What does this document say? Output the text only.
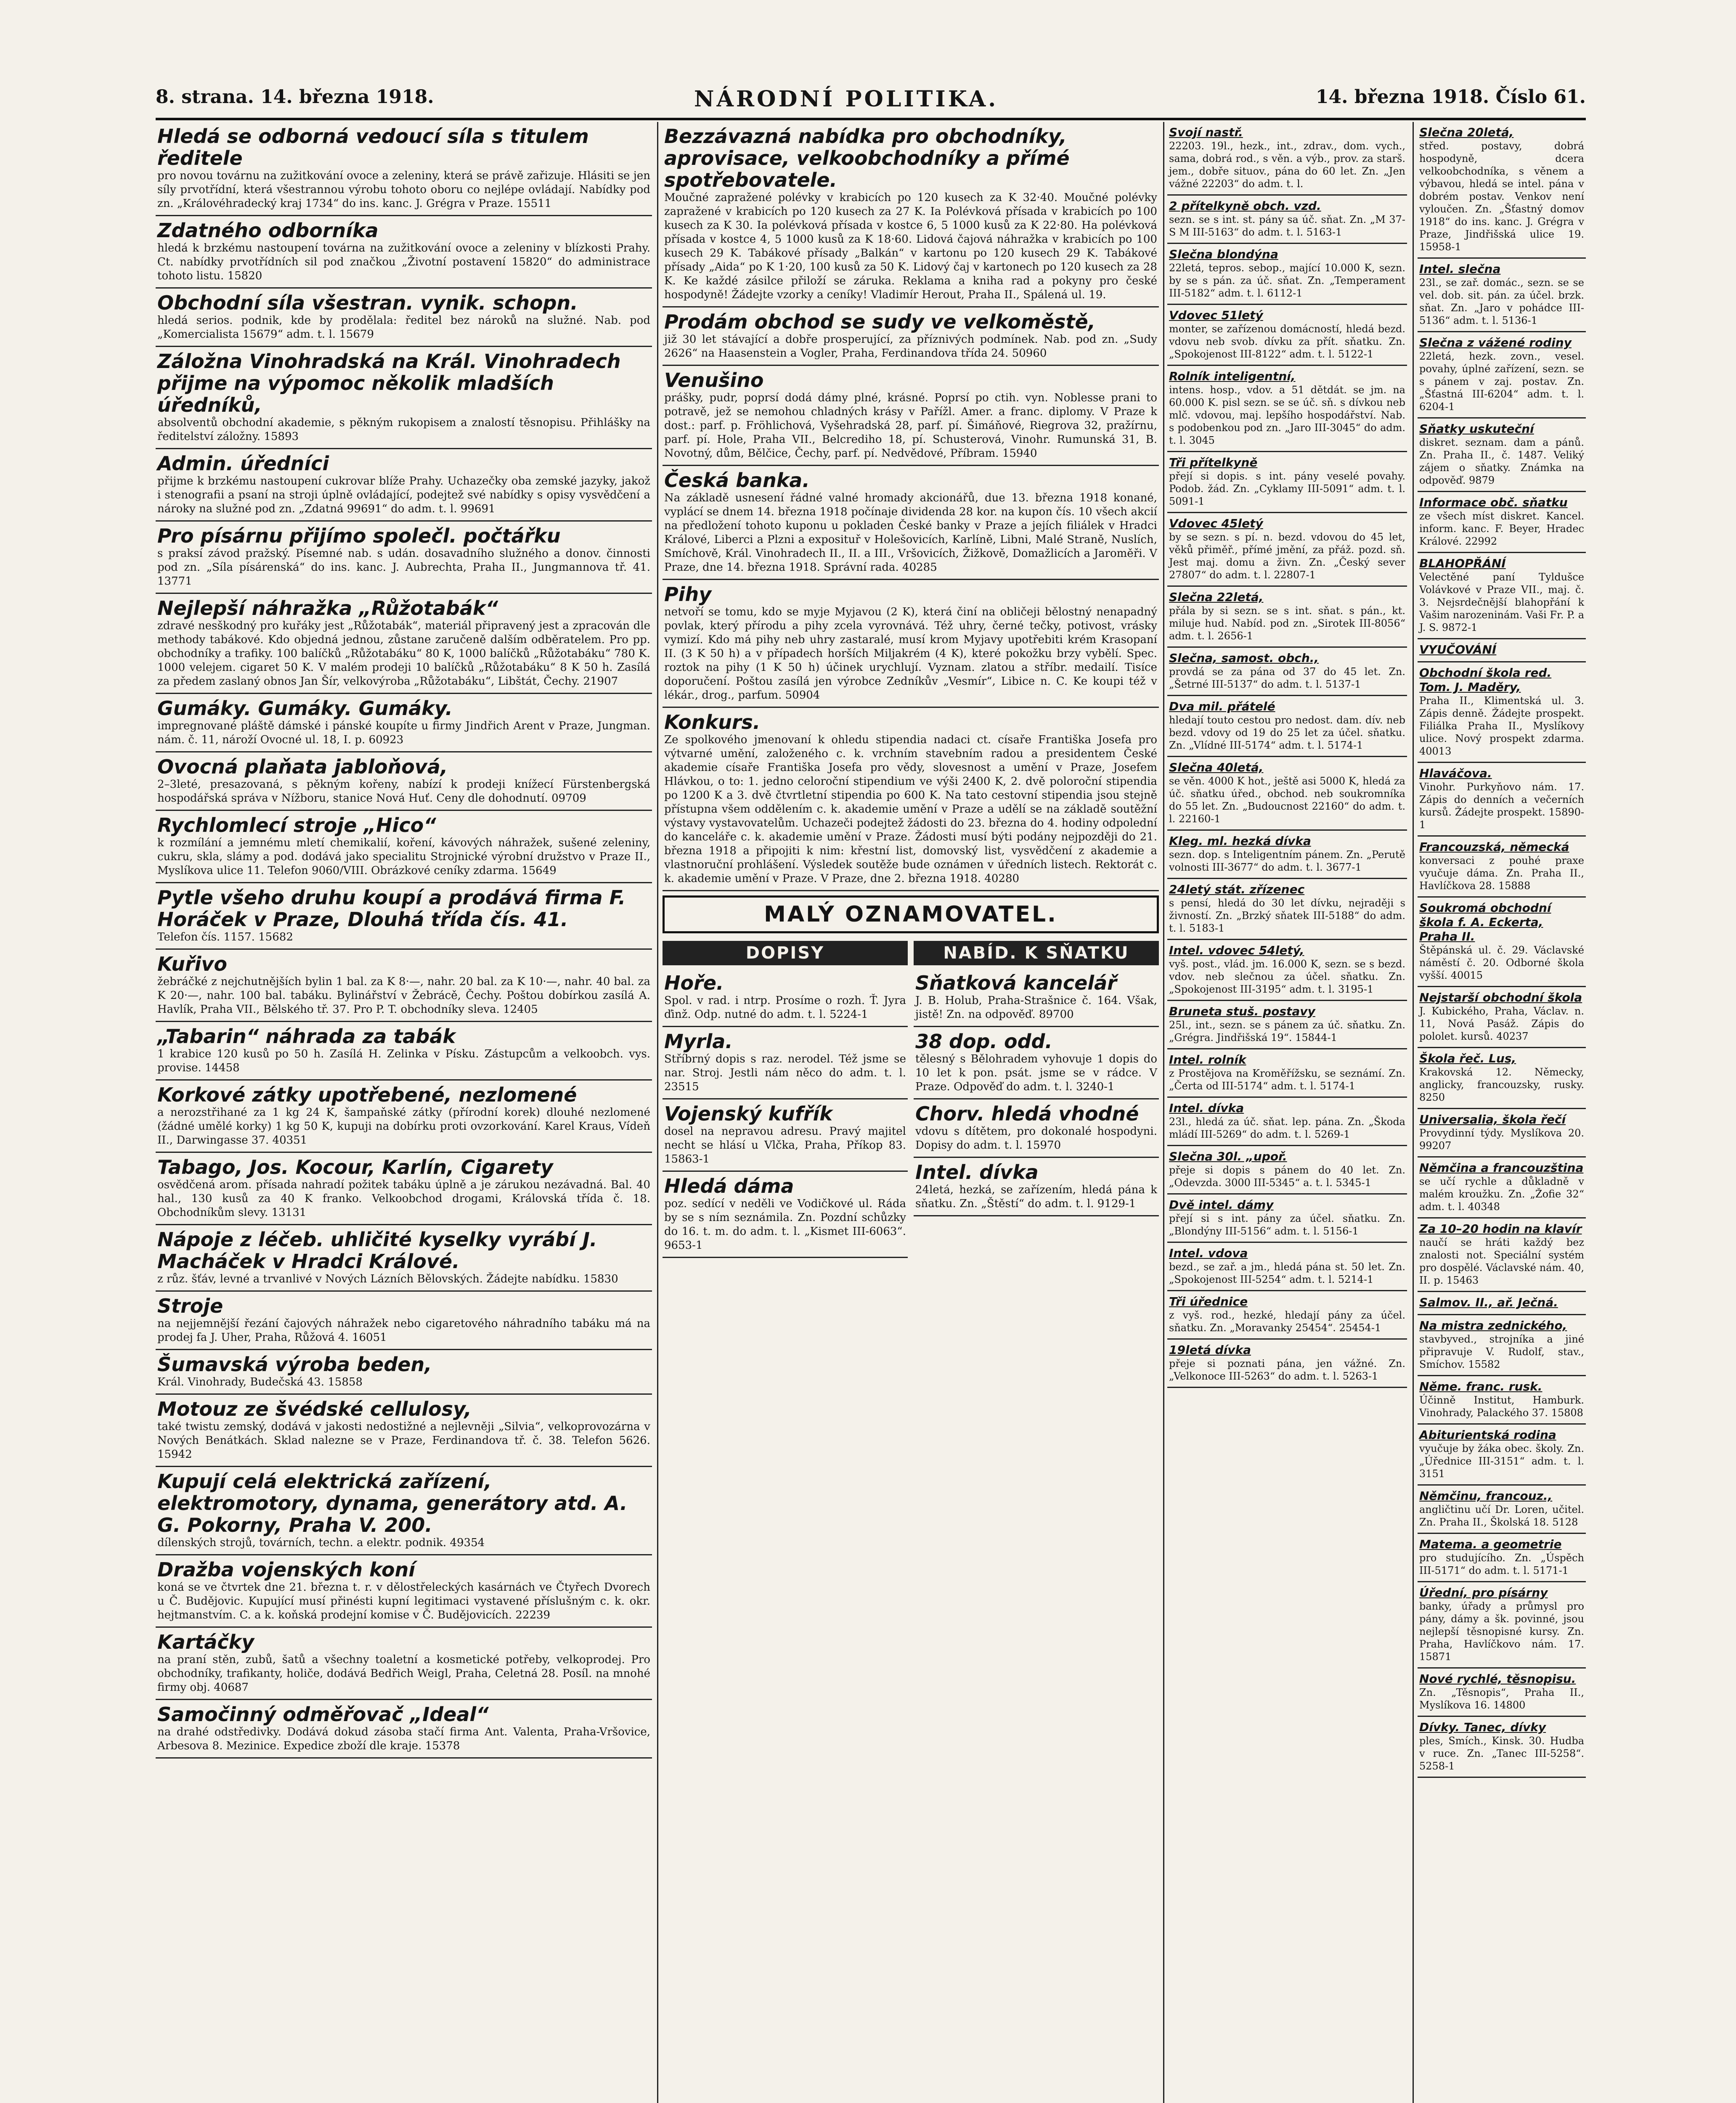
8. strana. 14. března 1918.	NÁRODNÍ POLITIKA.	14. března 1918. Číslo 61.
Hledá se odborná vedoucí síla s titulem ředitele
pro novou továrnu na zužitkování ovoce a zeleniny, která se právě zařizuje. Hlásiti se jen síly prvotřídní, která všestrannou výrobu tohoto oboru co nejlépe ovládají. Nabídky pod zn. „Královéhradecký kraj 1734“ do ins. kanc. J. Grégra v Praze. 15511
Zdatného odborníka
hledá k brzkému nastoupení továrna na zužitkování ovoce a zeleniny v blízkosti Prahy. Ct. nabídky prvotřídních sil pod značkou „Životní postavení 15820“ do administrace tohoto listu. 15820
Obchodní síla všestran. vynik. schopn.
hledá serios. podnik, kde by prodělala: ředitel bez nároků na služné. Nab. pod „Komercialista 15679“ adm. t. l. 15679
Záložna Vinohradská na Král. Vinohradech přijme na výpomoc několik mladších úředníků,
absolventů obchodní akademie, s pěkným rukopisem a znalostí těsnopisu. Přihlášky na ředitelství záložny. 15893
Admin. úředníci
přijme k brzkému nastoupení cukrovar blíže Prahy. Uchazečky oba zemské jazyky, jakož i stenografii a psaní na stroji úplně ovládající, podejtež své nabídky s opisy vysvědčení a nároky na služné pod zn. „Zdatná 99691“ do adm. t. l. 99691
Pro písárnu přijímo společl. počtářku
s praksí závod pražský. Písemné nab. s udán. dosavadního služného a donov. činnosti pod zn. „Síla písárenská“ do ins. kanc. J. Aubrechta, Praha II., Jungmannova tř. 41. 13771
Nejlepší náhražka „Růžotabák“
zdravé nesškodný pro kuřáky jest „Růžotabák“, materiál připravený jest a zpracován dle methody tabákové. Kdo objedná jednou, zůstane zaručeně dalším odběratelem. Pro pp. obchodníky a trafiky. 100 balíčků „Růžotabáku“ 80 K, 1000 balíčků „Růžotabáku“ 780 K. 1000 velejem. cigaret 50 K. V malém prodeji 10 balíčků „Růžotabáku“ 8 K 50 h. Zasílá za předem zaslaný obnos Jan Šír, velkovýroba „Růžotabáku“, Libštát, Čechy. 21907
Gumáky. Gumáky. Gumáky.
impregnované pláště dámské i pánské koupíte u firmy Jindřich Arent v Praze, Jungman. nám. č. 11, nároží Ovocné ul. 18, I. p. 60923
Ovocná plaňata jabloňová,
2–3leté, presazovaná, s pěkným kořeny, nabízí k prodeji knížecí Fürstenbergská hospodářská správa v Nížboru, stanice Nová Huť. Ceny dle dohodnutí. 09709
Rychlomlecí stroje „Hico“
k rozmílání a jemnému mletí chemikalií, koření, kávových náhražek, sušené zeleniny, cukru, skla, slámy a pod. dodává jako specialitu Strojnické výrobní družstvo v Praze II., Myslíkova ulice 11. Telefon 9060/VIII. Obrázkové ceníky zdarma. 15649
Pytle všeho druhu koupí a prodává firma F. Horáček v Praze, Dlouhá třída čís. 41.
Telefon čís. 1157. 15682
Kuřivo
žebráčké z nejchutnějších bylin 1 bal. za K 8·—, nahr. 20 bal. za K 10·—, nahr. 40 bal. za K 20·—, nahr. 100 bal. tabáku. Bylinářství v Žebrácě, Čechy. Poštou dobírkou zasílá A. Havlík, Praha VII., Bělského tř. 37. Pro P. T. obchodníky sleva. 12405
„Tabarin“ náhrada za tabák
1 krabice 120 kusů po 50 h. Zasílá H. Zelinka v Písku. Zástupcům a velkoobch. vys. provise. 14458
Korkové zátky upotřebené, nezlomené
a nerozstřihané za 1 kg 24 K, šampaňské zátky (přírodní korek) dlouhé nezlomené (žádné umělé korky) 1 kg 50 K, kupuji na dobírku proti ovzorkování. Karel Kraus, Vídeň II., Darwingasse 37. 40351
Tabago, Jos. Kocour, Karlín, Cigarety
osvědčená arom. přísada nahradí požitek tabáku úplně a je zárukou nezávadná. Bal. 40 hal., 130 kusů za 40 K franko. Velkoobchod drogami, Královská třída č. 18. Obchodníkům slevy. 13131
Nápoje z léčeb. uhličité kyselky vyrábí J. Macháček v Hradci Králové.
z růz. šťáv, levné a trvanlivé v Nových Lázních Bělovských. Žádejte nabídku. 15830
Stroje
na nejjemnější řezání čajových náhražek nebo cigaretového náhradního tabáku má na prodej fa J. Uher, Praha, Růžová 4. 16051
Šumavská výroba beden,
Král. Vinohrady, Budečská 43. 15858
Motouz ze švédské cellulosy,
také twistu zemský, dodává v jakosti nedostižné a nejlevněji „Silvia“, velkoprovozárna v Nových Benátkách. Sklad nalezne se v Praze, Ferdinandova tř. č. 38. Telefon 5626. 15942
Kupují celá elektrická zařízení, elektromotory, dynama, generátory atd. A. G. Pokorny, Praha V. 200.
dílenských strojů, továrních, techn. a elektr. podnik. 49354
Dražba vojenských koní
koná se ve čtvrtek dne 21. března t. r. v dělostřeleckých kasárnách ve Čtyřech Dvorech u Č. Budějovic. Kupující musí přinésti kupní legitimaci vystavené příslušným c. k. okr. hejtmanstvím. C. a k. koňská prodejní komise v Č. Budějovicích. 22239
Kartáčky
na praní stěn, zubů, šatů a všechny toaletní a kosmetické potřeby, velkoprodej. Pro obchodníky, trafikanty, holiče, dodává Bedřich Weigl, Praha, Celetná 28. Posíl. na mnohé firmy obj. 40687
Samočinný odměřovač „Ideal“
na drahé odstředivky. Dodává dokud zásoba stačí firma Ant. Valenta, Praha-Vršovice, Arbesova 8. Mezinice. Expedice zboží dle kraje. 15378
Bezzávazná nabídka pro obchodníky, aprovisace, velkoobchodníky a přímé spotřebovatele.
Moučné zapražené polévky v krabicích po 120 kusech za K 32·40. Moučné polévky zapražené v krabicích po 120 kusech za 27 K. Ia Polévková přísada v krabicích po 100 kusech za K 30. Ia polévková přísada v kostce 6, 5 1000 kusů za K 22·80. Ha polévková přísada v kostce 4, 5 1000 kusů za K 18·60. Lidová čajová náhražka v krabicích po 100 kusech 29 K. Tabákové přísady „Balkán“ v kartonu po 120 kusech 29 K. Tabákové přísady „Aida“ po K 1·20, 100 kusů za 50 K. Lidový čaj v kartonech po 120 kusech za 28 K. Ke každé zásilce přiloží se záruka. Reklama a kniha rad a pokyny pro české hospodyně! Žádejte vzorky a ceníky! Vladimír Herout, Praha II., Spálená ul. 19.
Prodám obchod se sudy ve velkoměstě,
již 30 let stávající a dobře prosperující, za příznivých podmínek. Nab. pod zn. „Sudy 2626“ na Haasenstein a Vogler, Praha, Ferdinandova třída 24. 50960
Venušino
prášky, pudr, poprsí dodá dámy plné, krásné. Poprsí po ctih. vyn. Noblesse prani to potravě, jež se nemohou chladných krásy v Pařížl. Amer. a franc. diplomy. V Praze k dost.: parf. p. Fröhlichová, Vyšehradská 28, parf. pí. Šimáňové, Riegrova 32, pražírnu, parf. pí. Hole, Praha VII., Belcrediho 18, pí. Schusterová, Vinohr. Rumunská 31, B. Novotný, dům, Bělčice, Čechy, parf. pí. Nedvědové, Příbram. 15940
Česká banka.
Na základě usnesení řádné valné hromady akcionářů, due 13. března 1918 konané, vyplácí se dnem 14. března 1918 počínaje dividenda 28 kor. na kupon čís. 10 všech akcií na předložení tohoto kuponu u pokladen České banky v Praze a jejích filiálek v Hradci Králové, Liberci a Plzni a exposituř v Holešovicích, Karlíně, Libni, Malé Straně, Nuslích, Smíchově, Král. Vinohradech II., II. a III., Vršovicích, Žižkově, Domažlicích a Jaroměři. V Praze, dne 14. března 1918. Správní rada. 40285
Pihy
netvoří se tomu, kdo se myje Myjavou (2 K), která činí na obličeji bělostný nenapadný povlak, který přírodu a pihy zcela vyrovnává. Též uhry, černé tečky, potivost, vrásky vymizí. Kdo má pihy neb uhry zastaralé, musí krom Myjavy upotřebiti krém Krasopaní II. (3 K 50 h) a v případech horších Miljakrém (4 K), které pokožku brzy vybělí. Spec. roztok na pihy (1 K 50 h) účinek urychlují. Vyznam. zlatou a stříbr. medailí. Tisíce doporučení. Poštou zasílá jen výrobce Zedníkův „Vesmír“, Libice n. C. Ke koupi též v lékár., drog., parfum. 50904
Konkurs.
Ze spolkového jmenovaní k ohledu stipendia nadaci ct. císaře Františka Josefa pro výtvarné umění, založeného c. k. vrchním stavebním radou a presidentem České akademie císaře Františka Josefa pro vědy, slovesnost a umění v Praze, Josefem Hlávkou, o to: 1. jedno celoroční stipendium ve výši 2400 K, 2. dvě poloroční stipendia po 1200 K a 3. dvě čtvrtletní stipendia po 600 K. Na tato cestovní stipendia jsou stejně přístupna všem oddělením c. k. akademie umění v Praze a udělí se na základě soutěžní výstavy vystavovatelům. Uchazeči podejtež žádosti do 23. března do 4. hodiny odpolední do kanceláře c. k. akademie umění v Praze. Žádosti musí býti podány nejpozději do 21. března 1918 a připojiti k nim: křestní list, domovský list, vysvědčení z akademie a vlastnoruční prohlášení. Výsledek soutěže bude oznámen v úředních listech. Rektorát c. k. akademie umění v Praze. V Praze, dne 2. března 1918. 40280
MALÝ OZNAMOVATEL.
DOPISY
Hoře.
Spol. v rad. i ntrp. Prosíme o rozh. Ť. Jyra ďinž. Odp. nutné do adm. t. l. 5224-1
Myrla.
Stříbrný dopis s raz. nerodel. Též jsme se nar. Stroj. Jestli nám něco do adm. t. l. 23515
Vojenský kufřík
dosel na nepravou adresu. Pravý majitel necht se hlásí u Vlčka, Praha, Příkop 83. 15863-1
Hledá dáma
poz. sedící v neděli ve Vodičkové ul. Ráda by se s ním seznámila. Zn. Pozdní schůzky do 16. t. m. do adm. t. l. „Kismet III-6063“. 9653-1
NABÍD. K SŇATKU
Sňatková kancelář
J. B. Holub, Praha-Strašnice č. 164. Však, jistě! Zn. na odpověď. 89700
38 dop. odd.
tělesný s Bělohradem vyhovuje 1 dopis do 10 let k pon. psát. jsme se v rádce. V Praze. Odpověď do adm. t. l. 3240-1
Chorv. hledá vhodné
vdovu s dítětem, pro dokonalé hospodyni. Dopisy do adm. t. l. 15970
Intel. dívka
24letá, hezká, se zařízením, hledá pána k sňatku. Zn. „Štěstí“ do adm. t. l. 9129-1
Svojí nastř.
22203. 19l., hezk., int., zdrav., dom. vych., sama, dobrá rod., s věn. a výb., prov. za starš. jem., dobře situov., pána do 60 let. Zn. „Jen vážné 22203“ do adm. t. l.
2 přítelkyně obch. vzd.
sezn. se s int. st. pány sa úč. sňat. Zn. „M 37-S M III-5163“ do adm. t. l. 5163-1
Slečna blondýna
22letá, tepros. sebop., mající 10.000 K, sezn. by se s pán. za úč. sňat. Zn. „Temperament III-5182“ adm. t. l. 6112-1
Vdovec 51letý
monter, se zařízenou domácností, hledá bezd. vdovu neb svob. dívku za přít. sňatku. Zn. „Spokojenost III-8122“ adm. t. l. 5122-1
Rolník inteligentní,
intens. hosp., vdov. a 51 dětdát. se jm. na 60.000 K. pisl sezn. se se úč. sň. s dívkou neb mlč. vdovou, maj. lepšího hospodářství. Nab. s podobenkou pod zn. „Jaro III-3045“ do adm. t. l. 3045
Tři přítelkyně
přejí si dopis. s int. pány veselé povahy. Podob. žád. Zn. „Cyklamy III-5091“ adm. t. l. 5091-1
Vdovec 45letý
by se sezn. s pí. n. bezd. vdovou do 45 let, věků přiměř., přímé jmění, za přáž. pozd. sň. Jest maj. domu a živn. Zn. „Český sever 27807“ do adm. t. l. 22807-1
Slečna 22letá,
přála by si sezn. se s int. sňat. s pán., kt. miluje hud. Nabíd. pod zn. „Sirotek III-8056“ adm. t. l. 2656-1
Slečna, samost. obch.,
provdá se za pána od 37 do 45 let. Zn. „Šetrné III-5137“ do adm. t. l. 5137-1
Dva mil. přátelé
hledají touto cestou pro nedost. dam. dív. neb bezd. vdovy od 19 do 25 let za účel. sňatku. Zn. „Vlídné III-5174“ adm. t. l. 5174-1
Slečna 40letá,
se věn. 4000 K hot., ještě asi 5000 K, hledá za úč. sňatku úřed., obchod. neb soukromníka do 55 let. Zn. „Budoucnost 22160“ do adm. t. l. 22160-1
Kleg. ml. hezká dívka
sezn. dop. s Inteligentním pánem. Zn. „Perutě volnosti III-3677“ do adm. t. l. 3677-1
24letý stát. zřízenec
s pensí, hledá do 30 let dívku, nejraději s živností. Zn. „Brzký sňatek III-5188“ do adm. t. l. 5183-1
Intel. vdovec 54letý,
vyš. post., vlád. jm. 16.000 K, sezn. se s bezd. vdov. neb slečnou za účel. sňatku. Zn. „Spokojenost III-3195“ adm. t. l. 3195-1
Bruneta stuš. postavy
25l., int., sezn. se s pánem za úč. sňatku. Zn. „Grégra. Jindřišská 19“. 15844-1
Intel. rolník
z Prostějova na Kroměřížsku, se seznámí. Zn. „Čerta od III-5174“ adm. t. l. 5174-1
Intel. dívka
23l., hledá za úč. sňat. lep. pána. Zn. „Škoda mládí III-5269“ do adm. t. l. 5269-1
Slečna 30l. „upoř.
přeje si dopis s pánem do 40 let. Zn. „Odevzda. 3000 III-5345“ a. t. l. 5345-1
Dvě intel. dámy
přejí si s int. pány za účel. sňatku. Zn. „Blondýny III-5156“ adm. t. l. 5156-1
Intel. vdova
bezd., se zař. a jm., hledá pána st. 50 let. Zn. „Spokojenost III-5254“ adm. t. l. 5214-1
Tři úřednice
z vyš. rod., hezké, hledají pány za účel. sňatku. Zn. „Moravanky 25454“. 25454-1
19letá dívka
přeje si poznati pána, jen vážné. Zn. „Velkonoce III-5263“ do adm. t. l. 5263-1
Slečna 20letá,
střed. postavy, dobrá hospodyně, dcera velkoobchodníka, s věnem a výbavou, hledá se intel. pána v dobrém postav. Venkov není vyloučen. Zn. „Šťastný domov 1918“ do ins. kanc. J. Grégra v Praze, Jindřišská ulice 19. 15958-1
Intel. slečna
23l., se zař. domác., sezn. se se vel. dob. sit. pán. za účel. brzk. sňat. Zn. „Jaro v pohádce III-5136“ adm. t. l. 5136-1
Slečna z vážené rodiny
22letá, hezk. zovn., vesel. povahy, úplné zařízení, sezn. se s pánem v zaj. postav. Zn. „Šťastná III-6204“ adm. t. l. 6204-1
Sňatky uskuteční
diskret. seznam. dam a pánů. Zn. Praha II., č. 1487. Veliký zájem o sňatky. Známka na odpověď. 9879
Informace obč. sňatku
ze všech míst diskret. Kancel. inform. kanc. F. Beyer, Hradec Králové. 22992
BLAHOPŘÁNÍ
Velectěné paní Tyldušce Volávkové v Praze VII., maj. č. 3. Nejsrdečnější blahopřání k Vašim narozeninám. Vaši Fr. P. a J. S. 9872-1
VYUČOVÁNÍ
Obchodní škola red. Tom. J. Maděry,
Praha II., Klimentská ul. 3. Zápis denně. Žádejte prospekt. Filiálka Praha II., Myslíkovy ulice. Nový prospekt zdarma. 40013
Hlaváčova.
Vinohr. Purkyňovo nám. 17. Zápis do denních a večerních kursů. Žádejte prospekt. 15890-1
Francouzská, německá
konversaci z pouhé praxe vyučuje dáma. Zn. Praha II., Havlíčkova 28. 15888
Soukromá obchodní škola f. A. Eckerta, Praha II.
Štěpánská ul. č. 29. Václavské náměstí č. 20. Odborné škola vyšší. 40015
Nejstarší obchodní škola
J. Kubického, Praha, Václav. n. 11, Nová Pasáž. Zápis do pololet. kursů. 40237
Škola řeč. Lus,
Krakovská 12. Německy, anglicky, francouzsky, rusky. 8250
Universalia, škola řečí
Provydinní týdy. Myslíkova 20. 99207
Němčina a francouzština
se učí rychle a důkladně v malém kroužku. Zn. „Žofie 32“ adm. t. l. 40348
Za 10–20 hodin na klavír
naučí se hráti každý bez znalosti not. Speciální systém pro dospělé. Václavské nám. 40, II. p. 15463
Salmov. II., ař. Ječná.
Na mistra zednického,
stavbyved., strojníka a jiné připravuje V. Rudolf, stav., Smíchov. 15582
Něme. franc. rusk.
Účinně Institut, Hamburk. Vinohrady, Palackého 37. 15808
Abiturientská rodina
vyučuje by žáka obec. školy. Zn. „Úřednice III-3151“ adm. t. l. 3151
Němčinu, francouz.,
angličtinu učí Dr. Loren, učitel. Zn. Praha II., Školská 18. 5128
Matema. a geometrie
pro studujícího. Zn. „Úspěch III-5171“ do adm. t. l. 5171-1
Úřední, pro písárny
banky, úřady a průmysl pro pány, dámy a šk. povinné, jsou nejlepší těsnopisné kursy. Zn. Praha, Havlíčkovo nám. 17. 15871
Nové rychlé, těsnopisu.
Zn. „Těsnopis“, Praha II., Myslíkova 16. 14800
Dívky. Tanec, dívky
ples, Smích., Kinsk. 30. Hudba v ruce. Zn. „Tanec III-5258“. 5258-1
